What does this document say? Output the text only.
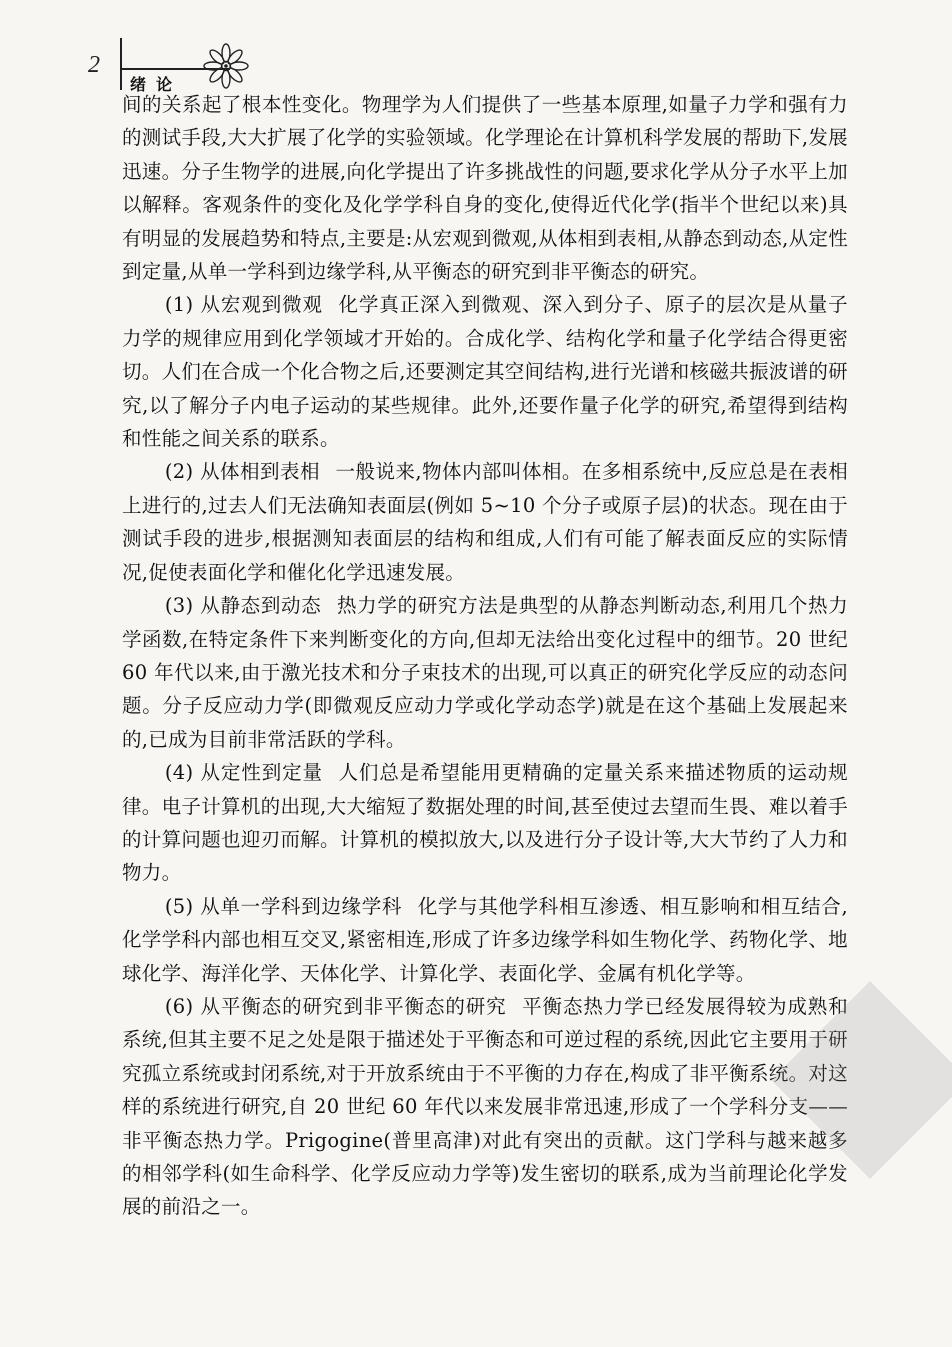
2
绪论

间的关系起了根本性变化。物理学为人们提供了一些基本原理,如量子力学和强有力的测试手段,大大扩展了化学的实验领域。化学理论在计算机科学发展的帮助下,发展迅速。分子生物学的进展,向化学提出了许多挑战性的问题,要求化学从分子水平上加以解释。客观条件的变化及化学学科自身的变化,使得近代化学(指半个世纪以来)具有明显的发展趋势和特点,主要是:从宏观到微观,从体相到表相,从静态到动态,从定性到定量,从单一学科到边缘学科,从平衡态的研究到非平衡态的研究。

(1) 从宏观到微观 化学真正深入到微观、深入到分子、原子的层次是从量子力学的规律应用到化学领域才开始的。合成化学、结构化学和量子化学结合得更密切。人们在合成一个化合物之后,还要测定其空间结构,进行光谱和核磁共振波谱的研究,以了解分子内电子运动的某些规律。此外,还要作量子化学的研究,希望得到结构和性能之间关系的联系。

(2) 从体相到表相 一般说来,物体内部叫体相。在多相系统中,反应总是在表相上进行的,过去人们无法确知表面层(例如 5~10 个分子或原子层)的状态。现在由于测试手段的进步,根据测知表面层的结构和组成,人们有可能了解表面反应的实际情况,促使表面化学和催化化学迅速发展。

(3) 从静态到动态 热力学的研究方法是典型的从静态判断动态,利用几个热力学函数,在特定条件下来判断变化的方向,但却无法给出变化过程中的细节。20 世纪 60 年代以来,由于激光技术和分子束技术的出现,可以真正的研究化学反应的动态问题。分子反应动力学(即微观反应动力学或化学动态学)就是在这个基础上发展起来的,已成为目前非常活跃的学科。

(4) 从定性到定量 人们总是希望能用更精确的定量关系来描述物质的运动规律。电子计算机的出现,大大缩短了数据处理的时间,甚至使过去望而生畏、难以着手的计算问题也迎刃而解。计算机的模拟放大,以及进行分子设计等,大大节约了人力和物力。

(5) 从单一学科到边缘学科 化学与其他学科相互渗透、相互影响和相互结合,化学学科内部也相互交叉,紧密相连,形成了许多边缘学科如生物化学、药物化学、地球化学、海洋化学、天体化学、计算化学、表面化学、金属有机化学等。

(6) 从平衡态的研究到非平衡态的研究 平衡态热力学已经发展得较为成熟和系统,但其主要不足之处是限于描述处于平衡态和可逆过程的系统,因此它主要用于研究孤立系统或封闭系统,对于开放系统由于不平衡的力存在,构成了非平衡系统。对这样的系统进行研究,自 20 世纪 60 年代以来发展非常迅速,形成了一个学科分支——非平衡态热力学。Prigogine(普里高津)对此有突出的贡献。这门学科与越来越多的相邻学科(如生命科学、化学反应动力学等)发生密切的联系,成为当前理论化学发展的前沿之一。
